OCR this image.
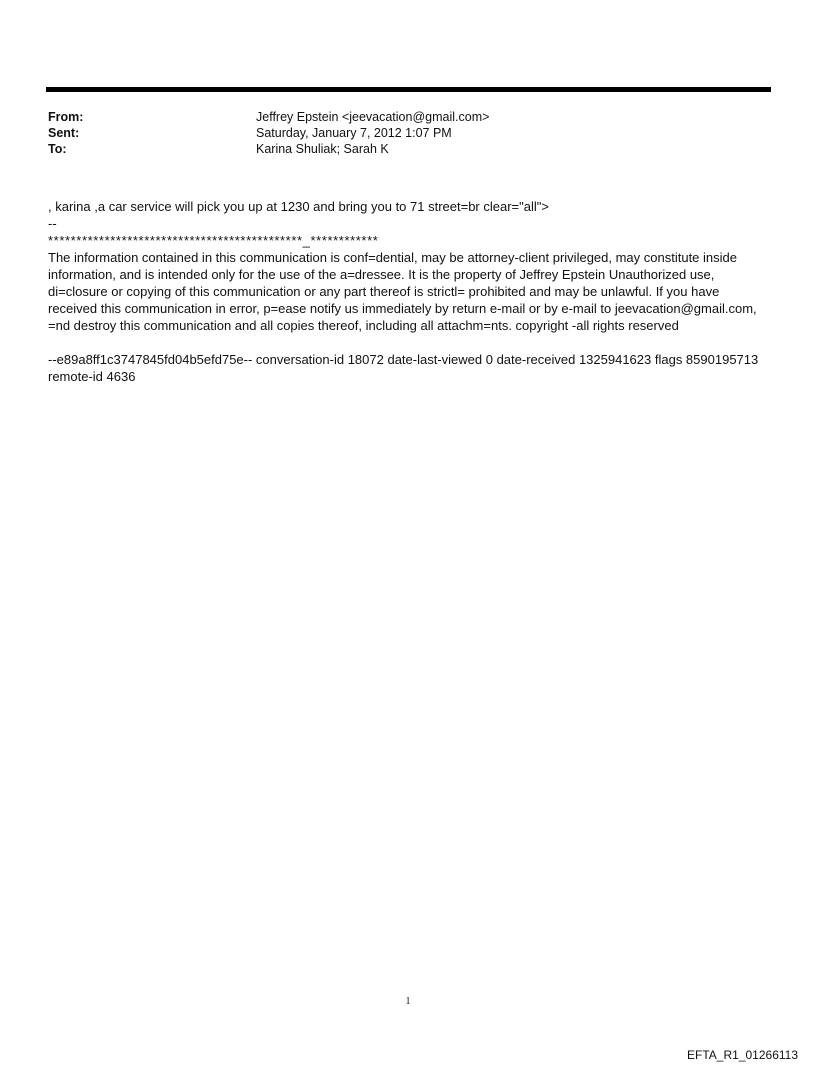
From:	Jeffrey Epstein <jeevacation@gmail.com>
Sent:	Saturday, January 7, 2012 1:07 PM
To:	Karina Shuliak; Sarah K

, karina ,a car service will pick you up at 1230 and bring you to 71 street=br clear="all">

--

*********************************************_************

The information contained in this communication is conf=dential, may be attorney-client privileged, may constitute inside information, and is intended only for the use of the a=dressee. It is the property of Jeffrey Epstein Unauthorized use, di=closure or copying of this communication or any part thereof is strictl= prohibited and may be unlawful. If you have received this communication in error, p=ease notify us immediately by return e-mail or by e-mail to jeevacation@gmail.com, =nd destroy this communication and all copies thereof, including all attachm=nts. copyright -all rights reserved

--e89a8ff1c3747845fd04b5efd75e-- conversation-id 18072 date-last-viewed 0 date-received 1325941623 flags 8590195713 remote-id 4636

1
EFTA_R1_01266113
